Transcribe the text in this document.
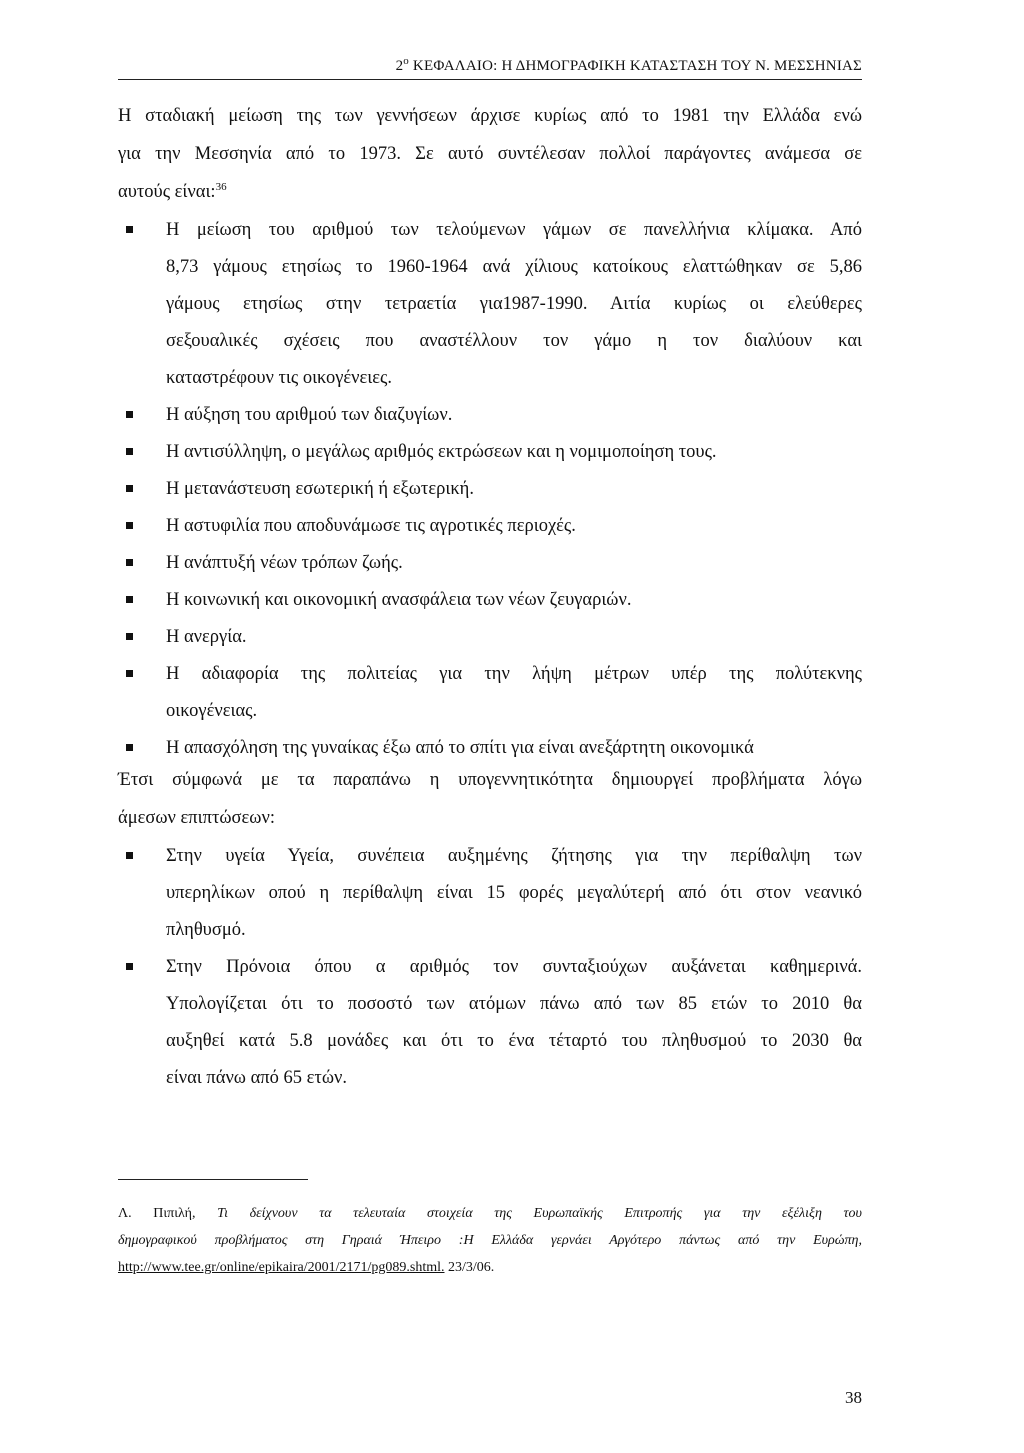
$2^o$ ΚΕΦΑΛΑΙΟ: Η ΔΗΜΟΓΡΑΦΙΚΗ ΚΑΤΑΣΤΑΣΗ ΤΟΥ Ν. ΜΕΣΣΗΝΙΑΣ
Η σταδιακή μείωση της των γεννήσεων άρχισε κυρίως από το 1981 την Ελλάδα ενώ
για την Μεσσηνία από το 1973. Σε αυτό συντέλεσαν πολλοί παράγοντες ανάμεσα σε
αυτούς είναι:$^{36}$
Η μείωση του αριθμού των τελούμενων γάμων σε πανελλήνια κλίμακα. Από
8,73 γάμους ετησίως το 1960-1964 ανά χίλιους κατοίκους ελαττώθηκαν σε 5,86
γάμους ετησίως στην τετραετία για1987-1990. Αιτία κυρίως οι ελεύθερες
σεξουαλικές σχέσεις που αναστέλλουν τον γάμο η τον διαλύουν και
καταστρέφουν τις οικογένειες.
Η αύξηση του αριθμού των διαζυγίων.
Η αντισύλληψη, ο μεγάλως αριθμός εκτρώσεων και η νομιμοποίηση τους.
Η μετανάστευση εσωτερική ή εξωτερική.
Η αστυφιλία που αποδυνάμωσε τις αγροτικές περιοχές.
Η ανάπτυξή νέων τρόπων ζωής.
Η κοινωνική και οικονομική ανασφάλεια των νέων ζευγαριών.
Η ανεργία.
Η αδιαφορία της πολιτείας για την λήψη μέτρων υπέρ της πολύτεκνης
οικογένειας.
Η απασχόληση της γυναίκας έξω από το σπίτι για είναι ανεξάρτητη οικονομικά
Έτσι σύμφωνά με τα παραπάνω η υπογεννητικότητα δημιουργεί προβλήματα λόγω
άμεσων επιπτώσεων:
Στην υγεία Υγεία, συνέπεια αυξημένης ζήτησης για την περίθαλψη των
υπερηλίκων οπού η περίθαλψη είναι 15 φορές μεγαλύτερή από ότι στον νεανικό
πληθυσμό.
Στην Πρόνοια όπου α αριθμός τον συνταξιούχων αυξάνεται καθημερινά.
Υπολογίζεται ότι το ποσοστό των ατόμων πάνω από των 85 ετών το 2010 θα
αυξηθεί κατά 5.8 μονάδες και ότι το ένα τέταρτό του πληθυσμού το 2030 θα
είναι πάνω από 65 ετών.
Λ. Πιπιλή, Τι δείχνουν τα τελευταία στοιχεία της Ευρωπαϊκής Επιτροπής για την εξέλιξη του
δημογραφικού προβλήματος στη Γηραιά Ήπειρο :Η Ελλάδα γερνάει Αργότερο πάντως από την Ευρώπη,
http://www.tee.gr/online/epikaira/2001/2171/pg089.shtml. 23/3/06.
38
